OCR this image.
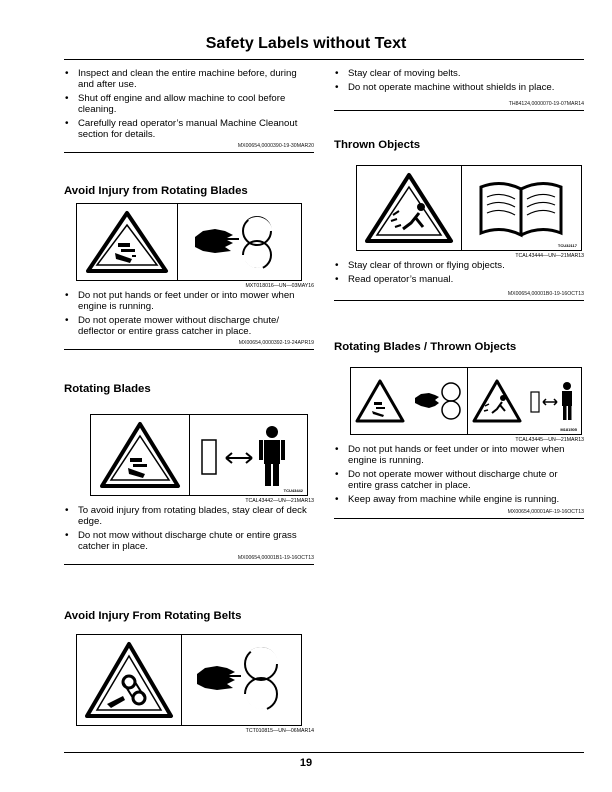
Safety Labels without Text
• Inspect and clean the entire machine before, during and after use.
• Shut off engine and allow machine to cool before cleaning.
• Carefully read operator’s manual Machine Cleanout section for details.
MX00654,0000390-19-30MAR20
Avoid Injury from Rotating Blades
MXT018016—UN—03MAY16
• Do not put hands or feet under or into mower when engine is running.
• Do not operate mower without discharge chute/ deflector or entire grass catcher in place.
MX00654,0000392-19-24APR19
Rotating Blades
TCU43442
TCAL43442—UN—21MAR13
• To avoid injury from rotating blades, stay clear of deck edge.
• Do not mow without discharge chute or entire grass catcher in place.
MX00654,00001B1-19-16OCT13
Avoid Injury From Rotating Belts
TCT010815—UN—06MAR14
• Stay clear of moving belts.
• Do not operate machine without shields in place.
TH84124,0000070-19-07MAR14
Thrown Objects
TCU32117
TCAL43444—UN—21MAR13
• Stay clear of thrown or flying objects.
• Read operator’s manual.
MX00654,00001B0-19-16OCT13
Rotating Blades / Thrown Objects
M181505
TCAL43445—UN—21MAR13
• Do not put hands or feet under or into mower when engine is running.
• Do not operate mower without discharge chute or entire grass catcher in place.
• Keep away from machine while engine is running.
MX00654,00001AF-19-16OCT13
19
